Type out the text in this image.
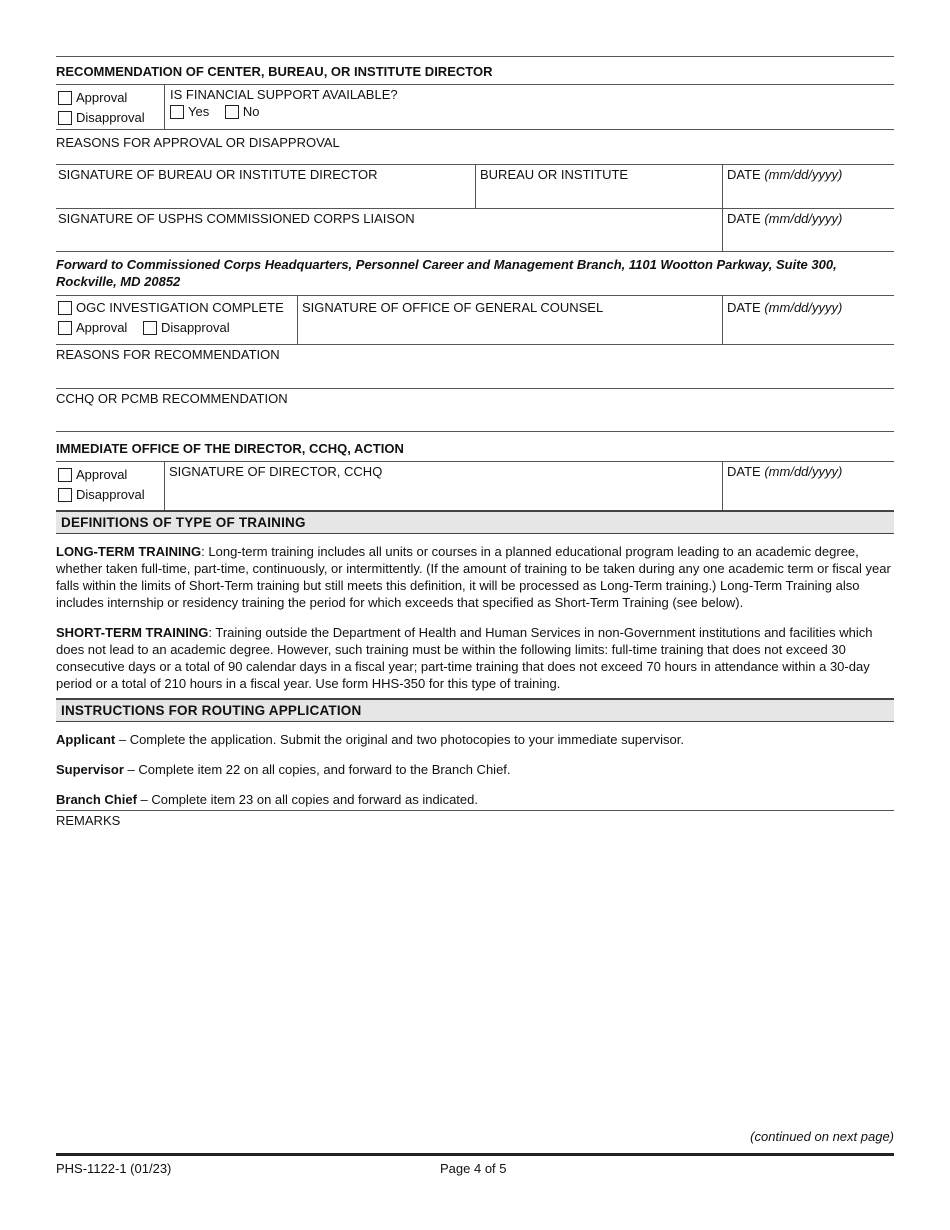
RECOMMENDATION OF CENTER, BUREAU, OR INSTITUTE DIRECTOR
Approval
Disapproval
IS FINANCIAL SUPPORT AVAILABLE?
Yes	No
REASONS FOR APPROVAL OR DISAPPROVAL
SIGNATURE OF BUREAU OR INSTITUTE DIRECTOR	BUREAU OR INSTITUTE	DATE (mm/dd/yyyy)
SIGNATURE OF USPHS COMMISSIONED CORPS LIAISON	DATE (mm/dd/yyyy)
Forward to Commissioned Corps Headquarters, Personnel Career and Management Branch, 1101 Wootton Parkway, Suite 300, Rockville, MD 20852
OGC INVESTIGATION COMPLETE
Approval	Disapproval
SIGNATURE OF OFFICE OF GENERAL COUNSEL	DATE (mm/dd/yyyy)
REASONS FOR RECOMMENDATION
CCHQ OR PCMB RECOMMENDATION
IMMEDIATE OFFICE OF THE DIRECTOR, CCHQ, ACTION
Approval
Disapproval
SIGNATURE OF DIRECTOR, CCHQ	DATE (mm/dd/yyyy)
DEFINITIONS OF TYPE OF TRAINING

LONG-TERM TRAINING: Long-term training includes all units or courses in a planned educational program leading to an academic degree, whether taken full-time, part-time, continuously, or intermittently. (If the amount of training to be taken during any one academic term or fiscal year falls within the limits of Short-Term training but still meets this definition, it will be processed as Long-Term training.) Long-Term Training also includes internship or residency training the period for which exceeds that specified as Short-Term Training (see below).

SHORT-TERM TRAINING: Training outside the Department of Health and Human Services in non-Government institutions and facilities which does not lead to an academic degree. However, such training must be within the following limits: full-time training that does not exceed 30 consecutive days or a total of 90 calendar days in a fiscal year; part-time training that does not exceed 70 hours in attendance within a 30-day period or a total of 210 hours in a fiscal year. Use form HHS-350 for this type of training.

INSTRUCTIONS FOR ROUTING APPLICATION

Applicant – Complete the application. Submit the original and two photocopies to your immediate supervisor.

Supervisor – Complete item 22 on all copies, and forward to the Branch Chief.

Branch Chief – Complete item 23 on all copies and forward as indicated.

REMARKS
(continued on next page)
PHS-1122-1 (01/23)	Page 4 of 5
